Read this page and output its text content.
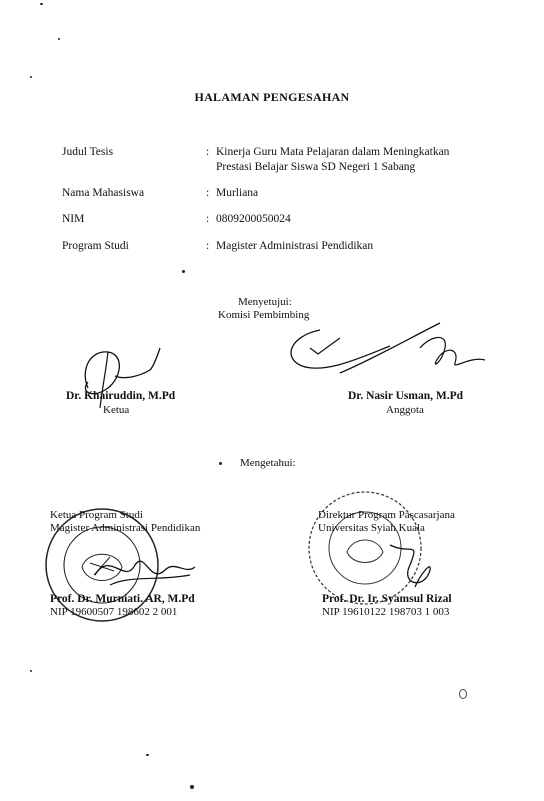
HALAMAN PENGESAHAN
Judul Tesis	: Kinerja Guru Mata Pelajaran dalam Meningkatkan
Prestasi Belajar Siswa SD Negeri 1 Sabang
Nama Mahasiswa	: Murliana
NIM	: 0809200050024
Program Studi	: Magister Administrasi Pendidikan
Menyetujui:
Komisi Pembimbing
Dr. Khairuddin, M.Pd
Ketua
Dr. Nasir Usman, M.Pd
Anggota
Mengetahui:
Ketua Program Studi
Magister Administrasi Pendidikan
Prof. Dr. Murniati. AR, M.Pd
NIP 19600507 198602 2 001
Direktur Program Pascasarjana
Universitas Syiah Kuala
Prof. Dr. Ir. Syamsul Rizal
NIP 19610122 198703 1 003
